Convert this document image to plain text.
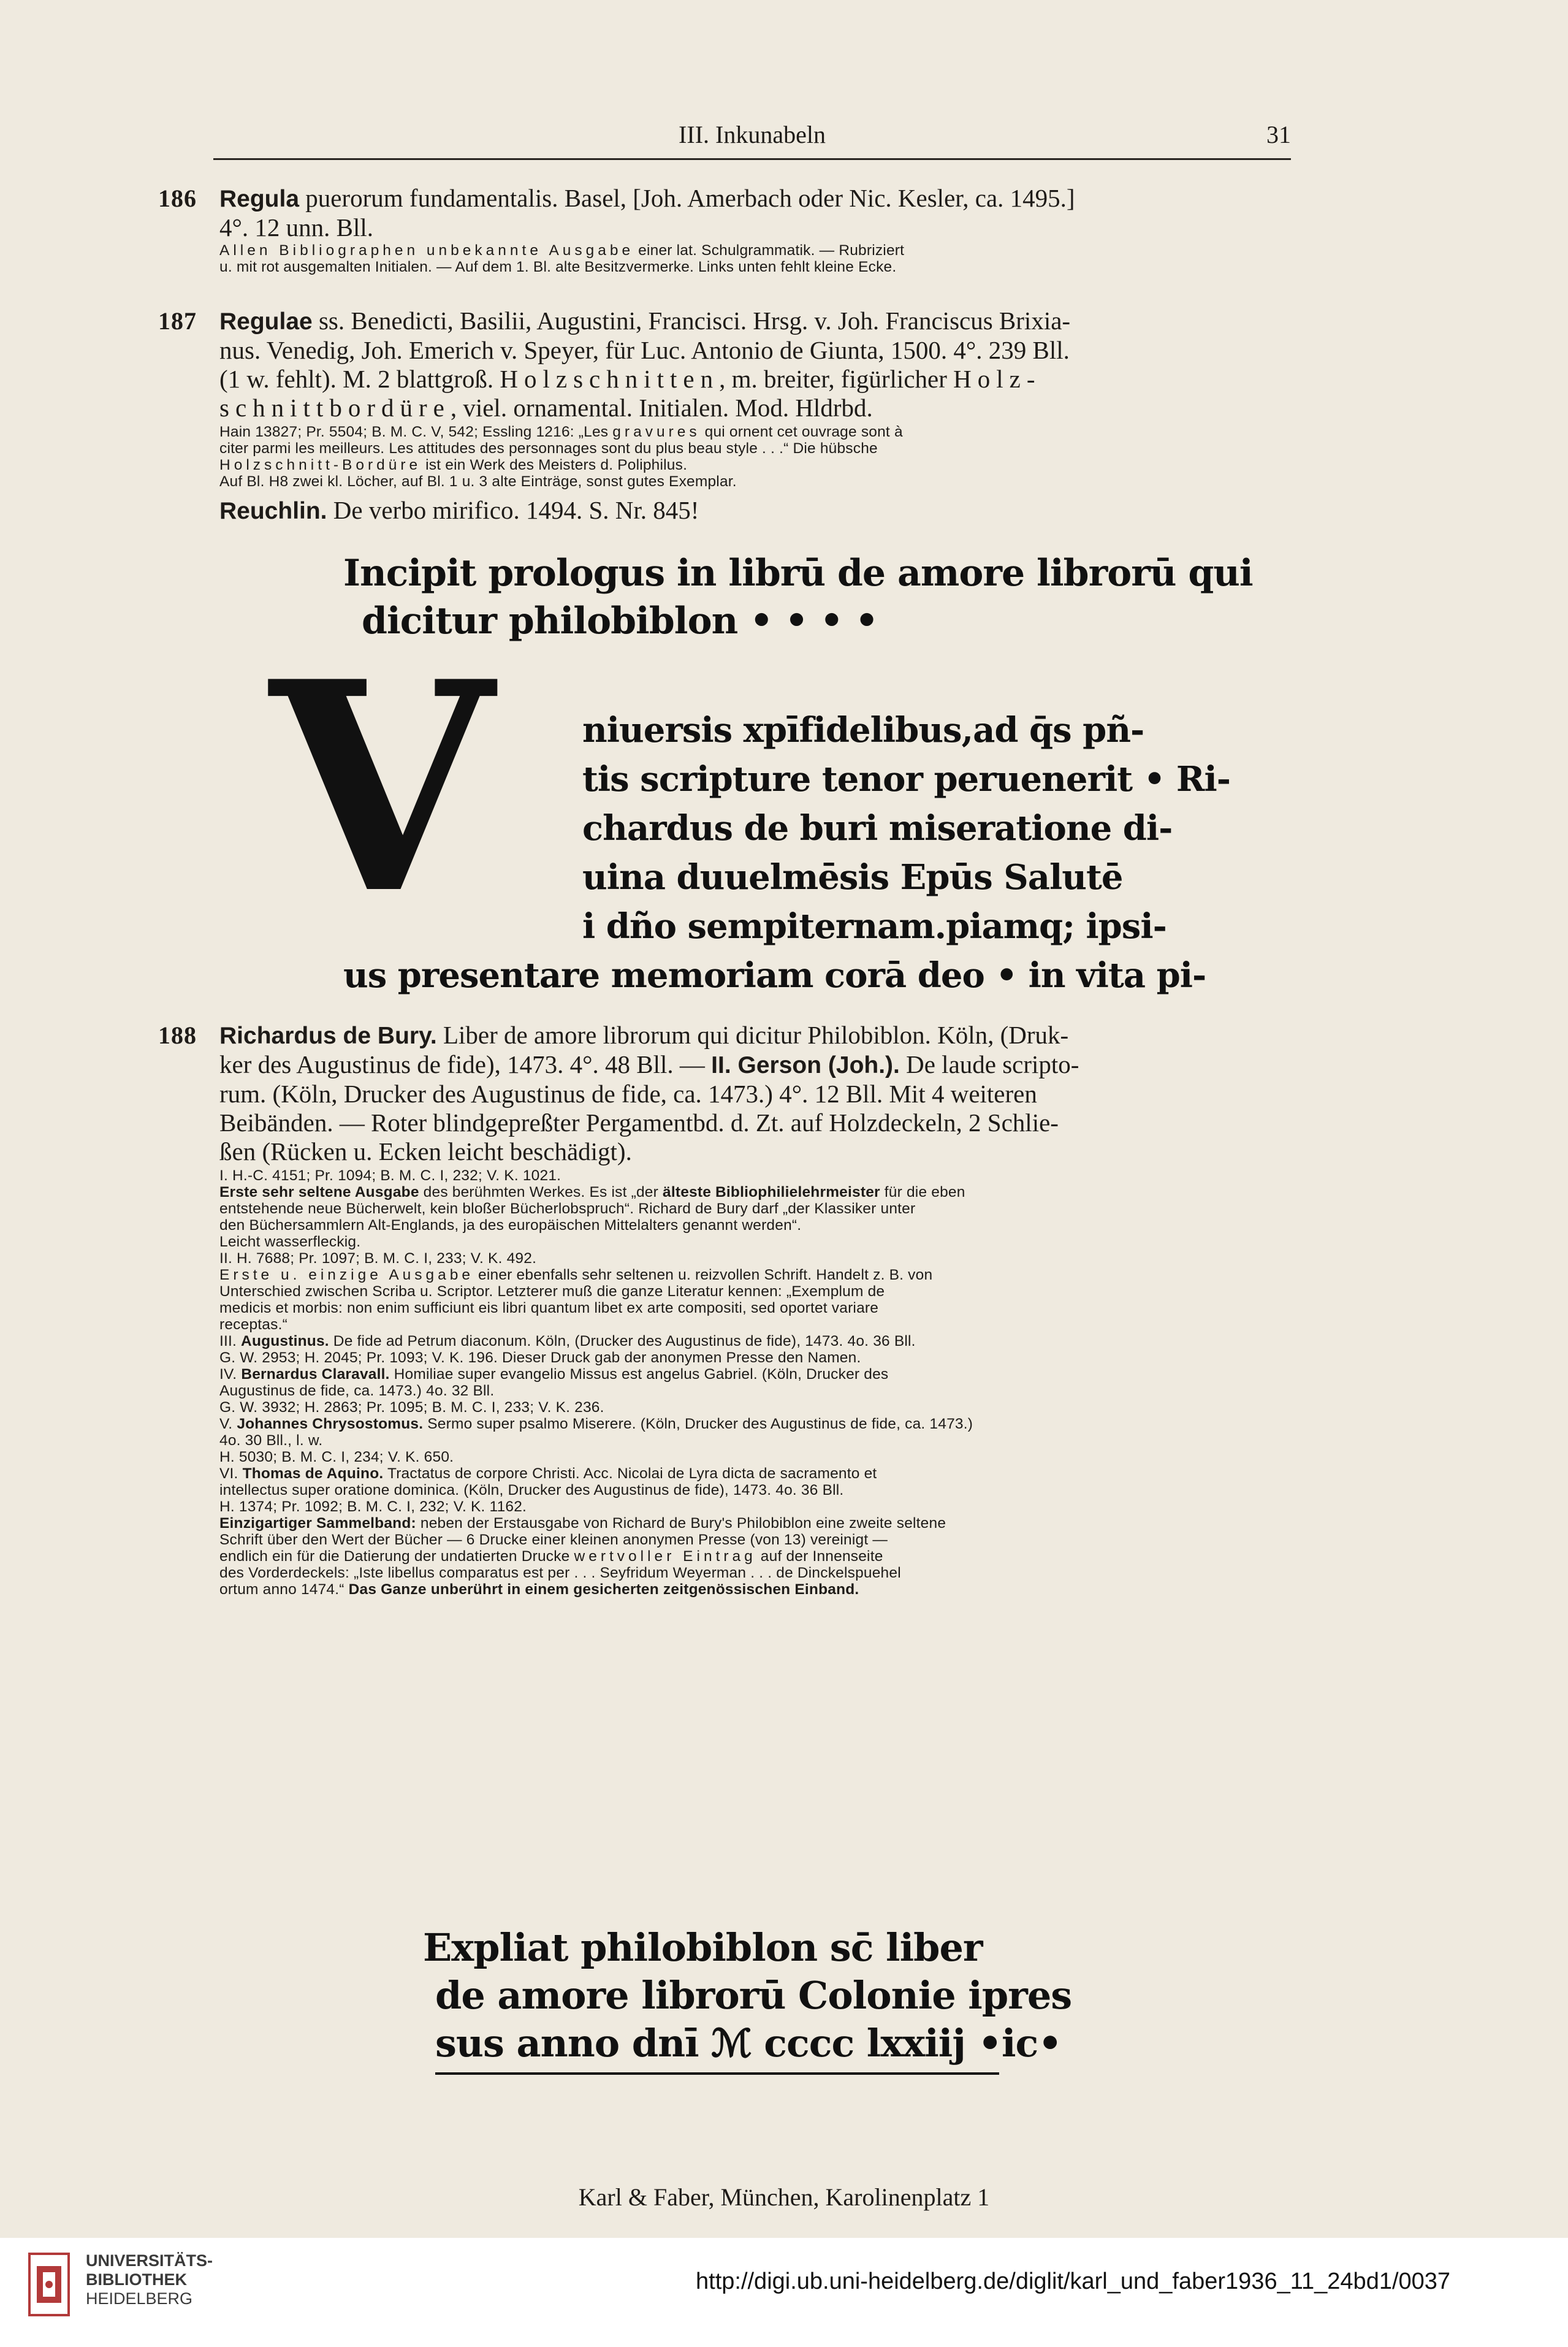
III. Inkunabeln	31
186 Regula puerorum fundamentalis. Basel, [Joh. Amerbach oder Nic. Kesler, ca. 1495.]
4°. 12 unn. Bll.
Allen Bibliographen unbekannte Ausgabe einer lat. Schulgrammatik. — Rubriziert
u. mit rot ausgemalten Initialen. — Auf dem 1. Bl. alte Besitzvermerke. Links unten fehlt kleine Ecke.
187 Regulae ss. Benedicti, Basilii, Augustini, Francisci. Hrsg. v. Joh. Franciscus Brixia-
nus. Venedig, Joh. Emerich v. Speyer, für Luc. Antonio de Giunta, 1500. 4°. 239 Bll.
(1 w. fehlt). M. 2 blattgroß. Holzschnitten, m. breiter, figürlicher Holz-
schnittbordüre, viel. ornamental. Initialen. Mod. Hldrbd.
Hain 13827; Pr. 5504; B. M. C. V, 542; Essling 1216: „Les gravures qui ornent cet ouvrage sont à
citer parmi les meilleurs. Les attitudes des personnages sont du plus beau style . . .“ Die hübsche
Holzschnitt-Bordüre ist ein Werk des Meisters d. Poliphilus.
Auf Bl. H8 zwei kl. Löcher, auf Bl. 1 u. 3 alte Einträge, sonst gutes Exemplar.
Reuchlin. De verbo mirifico. 1494. S. Nr. 845!
Incipit prologus in librū de amore librorū qui
dicitur philobiblon • • • •
V	niuersis xpīfidelibus,ad q̄s pñ-
tis scripture tenor peruenerit • Ri-
chardus de buri miseratione di-
uina duuelmēsis Epūs Salutē
i dño sempiternam.piamq; ipsi-
us presentare memoriam corā deo • in vita pi-
188 Richardus de Bury. Liber de amore librorum qui dicitur Philobiblon. Köln, (Druk-
ker des Augustinus de fide), 1473. 4°. 48 Bll. — II. Gerson (Joh.). De laude scripto-
rum. (Köln, Drucker des Augustinus de fide, ca. 1473.) 4°. 12 Bll. Mit 4 weiteren
Beibänden. — Roter blindgepreßter Pergamentbd. d. Zt. auf Holzdeckeln, 2 Schlie-
ßen (Rücken u. Ecken leicht beschädigt).
I. H.-C. 4151; Pr. 1094; B. M. C. I, 232; V. K. 1021.
Erste sehr seltene Ausgabe des berühmten Werkes. Es ist „der älteste Bibliophilielehrmeister für die eben
entstehende neue Bücherwelt, kein bloßer Bücherlobspruch“. Richard de Bury darf „der Klassiker unter
den Büchersammlern Alt-Englands, ja des europäischen Mittelalters genannt werden“.
Leicht wasserfleckig.
II. H. 7688; Pr. 1097; B. M. C. I, 233; V. K. 492.
Erste u. einzige Ausgabe einer ebenfalls sehr seltenen u. reizvollen Schrift. Handelt z. B. von
Unterschied zwischen Scriba u. Scriptor. Letzterer muß die ganze Literatur kennen: „Exemplum de
medicis et morbis: non enim sufficiunt eis libri quantum libet ex arte compositi, sed oportet variare
receptas.“
III. Augustinus. De fide ad Petrum diaconum. Köln, (Drucker des Augustinus de fide), 1473. 4o. 36 Bll.
G. W. 2953; H. 2045; Pr. 1093; V. K. 196. Dieser Druck gab der anonymen Presse den Namen.
IV. Bernardus Claravall. Homiliae super evangelio Missus est angelus Gabriel. (Köln, Drucker des
Augustinus de fide, ca. 1473.) 4o. 32 Bll.
G. W. 3932; H. 2863; Pr. 1095; B. M. C. I, 233; V. K. 236.
V. Johannes Chrysostomus. Sermo super psalmo Miserere. (Köln, Drucker des Augustinus de fide, ca. 1473.)
4o. 30 Bll., l. w.
H. 5030; B. M. C. I, 234; V. K. 650.
VI. Thomas de Aquino. Tractatus de corpore Christi. Acc. Nicolai de Lyra dicta de sacramento et
intellectus super oratione dominica. (Köln, Drucker des Augustinus de fide), 1473. 4o. 36 Bll.
H. 1374; Pr. 1092; B. M. C. I, 232; V. K. 1162.
Einzigartiger Sammelband: neben der Erstausgabe von Richard de Bury's Philobiblon eine zweite seltene
Schrift über den Wert der Bücher — 6 Drucke einer kleinen anonymen Presse (von 13) vereinigt —
endlich ein für die Datierung der undatierten Drucke wertvoller Eintrag auf der Innenseite
des Vorderdeckels: „Iste libellus comparatus est per . . . Seyfridum Weyerman . . . de Dinckelspuehel
ortum anno 1474.“ Das Ganze unberührt in einem gesicherten zeitgenössischen Einband.
Expliat philobiblon sc̄ liber
de amore librorū Colonie ipres
sus anno dnī ℳ cccc lxxiij •ic•
Karl & Faber, München, Karolinenplatz 1
UNIVERSITÄTS-
BIBLIOTHEK
HEIDELBERG
http://digi.ub.uni-heidelberg.de/diglit/karl_und_faber1936_11_24bd1/0037
